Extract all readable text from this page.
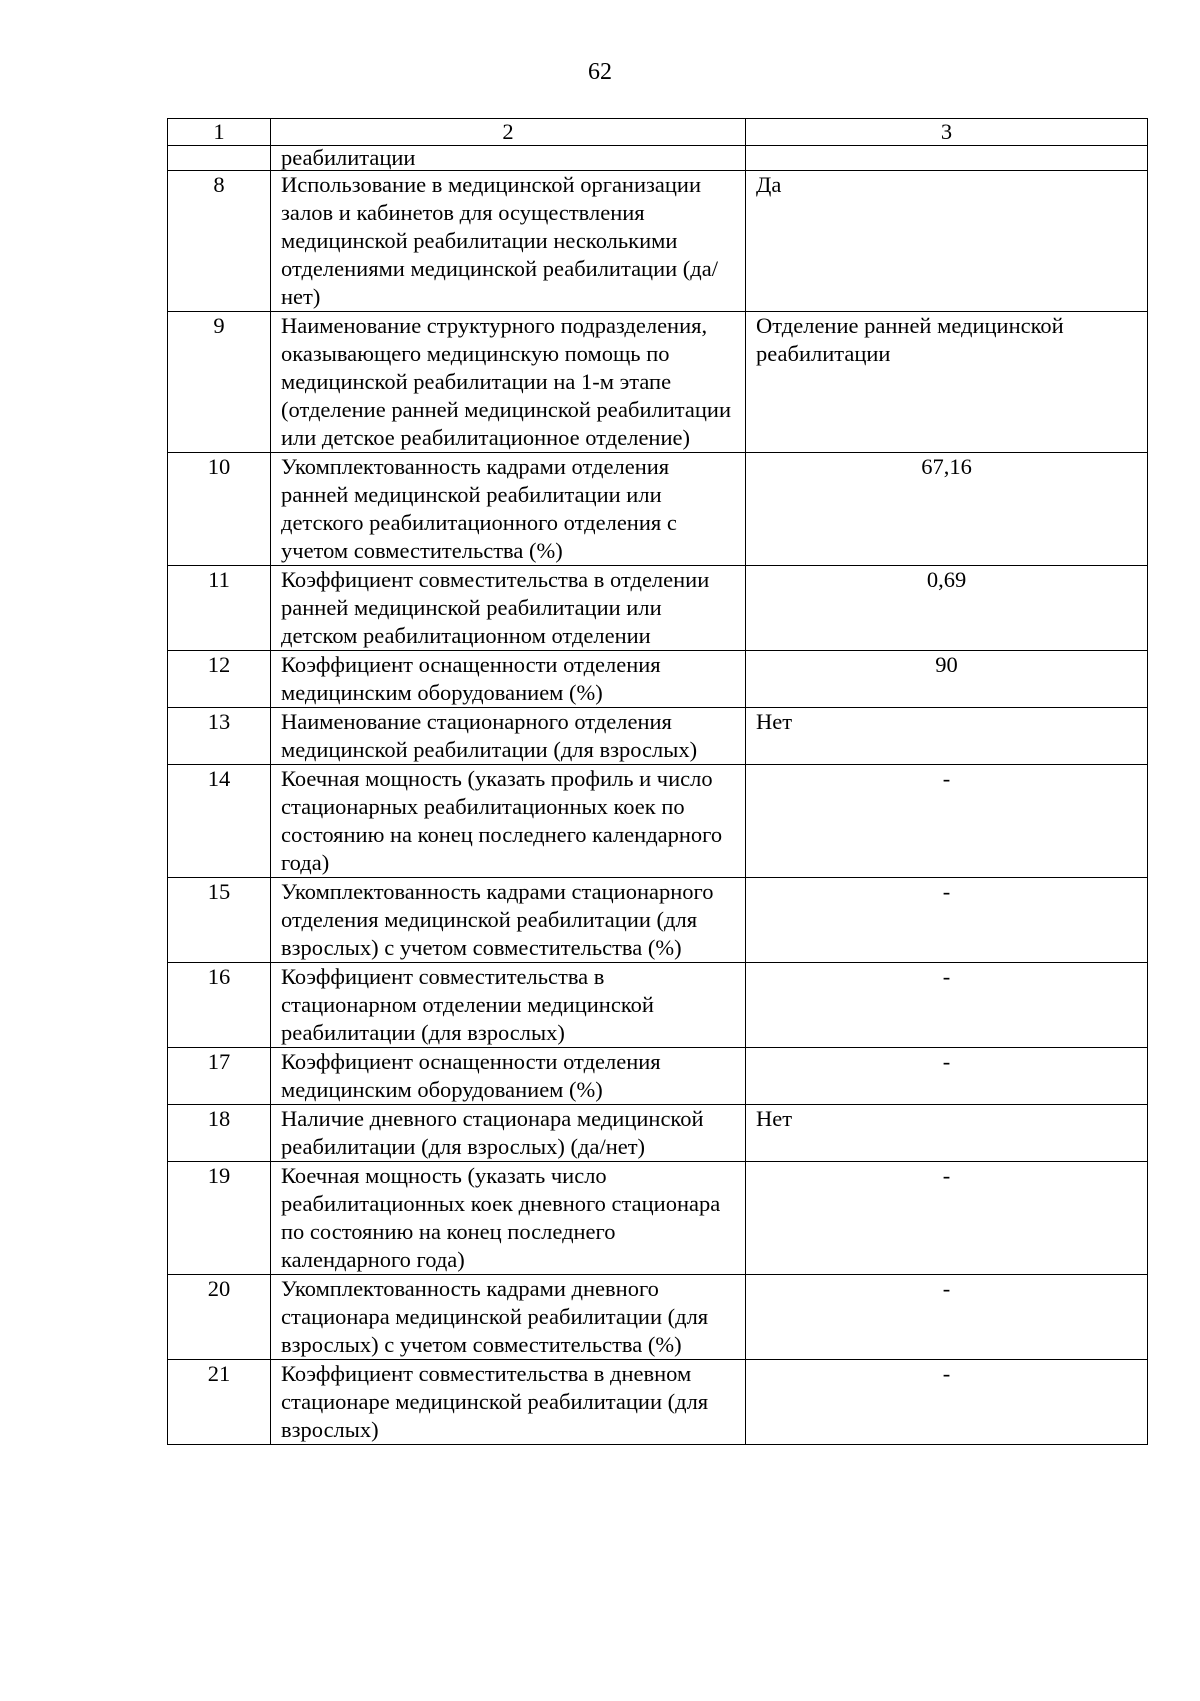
62
1	2	3
	реабилитации	
8	Использование в медицинской организации залов и кабинетов для осуществления медицинской реабилитации несколькими отделениями медицинской реабилитации (да/нет)	Да
9	Наименование структурного подразделения, оказывающего медицинскую помощь по медицинской реабилитации на 1-м этапе (отделение ранней медицинской реабилитации или детское реабилитационное отделение)	Отделение ранней медицинской реабилитации
10	Укомплектованность кадрами отделения ранней медицинской реабилитации или детского реабилитационного отделения с учетом совместительства (%)	67,16
11	Коэффициент совместительства в отделении ранней медицинской реабилитации или детском реабилитационном отделении	0,69
12	Коэффициент оснащенности отделения медицинским оборудованием (%)	90
13	Наименование стационарного отделения медицинской реабилитации (для взрослых)	Нет
14	Коечная мощность (указать профиль и число стационарных реабилитационных коек по состоянию на конец последнего календарного года)	-
15	Укомплектованность кадрами стационарного отделения медицинской реабилитации (для взрослых) с учетом совместительства (%)	-
16	Коэффициент совместительства в стационарном отделении медицинской реабилитации (для взрослых)	-
17	Коэффициент оснащенности отделения медицинским оборудованием (%)	-
18	Наличие дневного стационара медицинской реабилитации (для взрослых) (да/нет)	Нет
19	Коечная мощность (указать число реабилитационных коек дневного стационара по состоянию на конец последнего календарного года)	-
20	Укомплектованность кадрами дневного стационара медицинской реабилитации (для взрослых) с учетом совместительства (%)	-
21	Коэффициент совместительства в дневном стационаре медицинской реабилитации (для взрослых)	-
